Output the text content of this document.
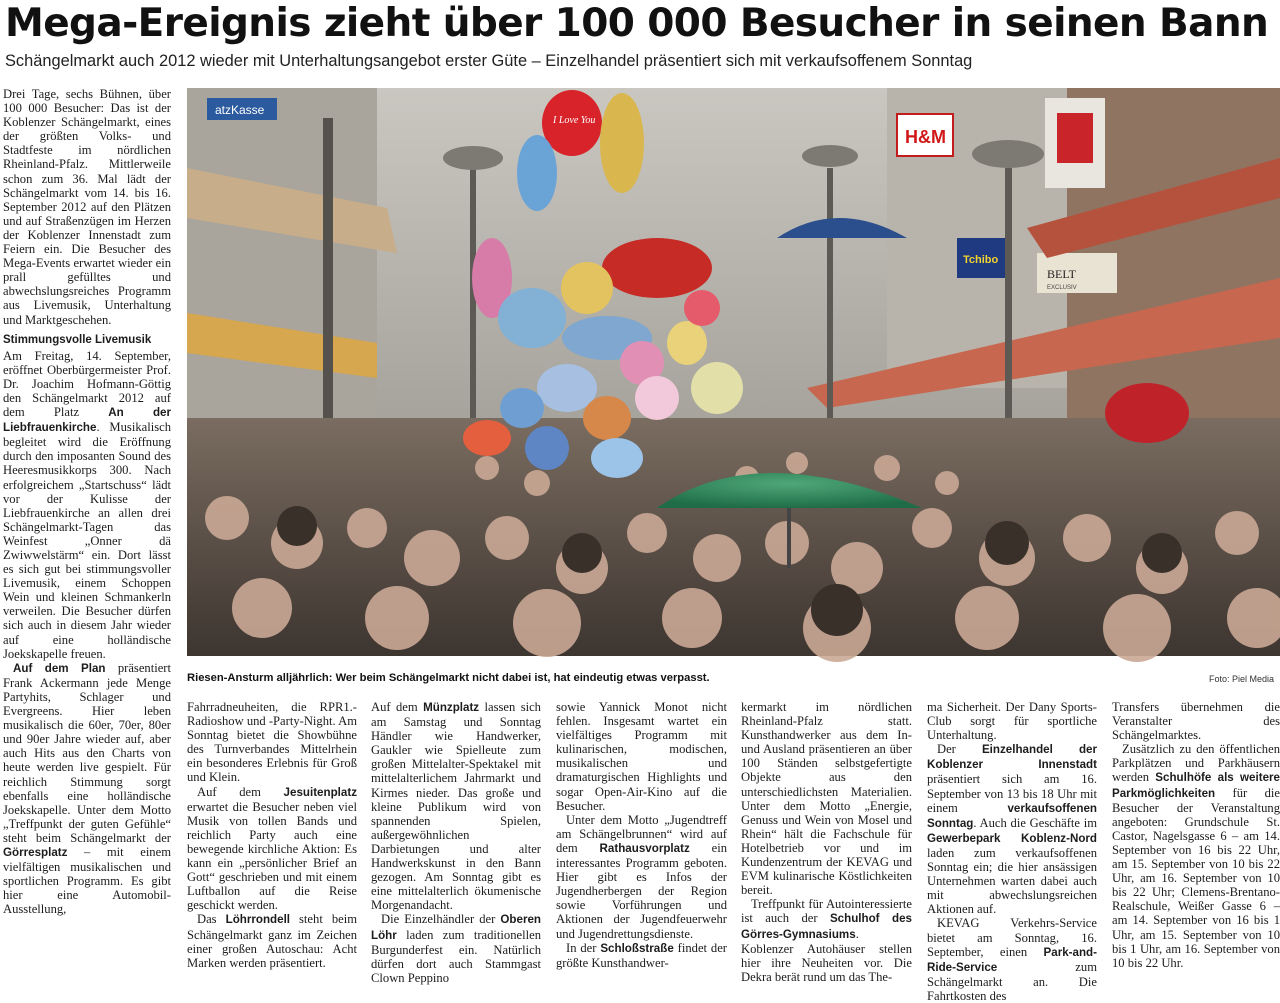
Mega-Ereignis zieht über 100 000 Besucher in seinen Bann
Schängelmarkt auch 2012 wieder mit Unterhaltungsangebot erster Güte – Einzelhandel präsentiert sich mit verkaufsoffenem Sonntag

Drei Tage, sechs Bühnen, über 100 000 Besucher: Das ist der Koblenzer Schängelmarkt, eines der größten Volks- und Stadtfeste im nördlichen Rheinland-Pfalz. Mittlerweile schon zum 36. Mal lädt der Schängelmarkt vom 14. bis 16. September 2012 auf den Plätzen und auf Straßenzügen im Herzen der Koblenzer Innenstadt zum Feiern ein. Die Besucher des Mega-Events erwartet wieder ein prall gefülltes und abwechslungsreiches Programm aus Livemusik, Unterhaltung und Marktgeschehen.

Stimmungsvolle Livemusik

Am Freitag, 14. September, eröffnet Oberbürgermeister Prof. Dr. Joachim Hofmann-Göttig den Schängelmarkt 2012 auf dem Platz An der Liebfrauenkirche. Musikalisch begleitet wird die Eröffnung durch den imposanten Sound des Heeresmusikkorps 300. Nach erfolgreichem „Startschuss“ lädt vor der Kulisse der Liebfrauenkirche an allen drei Schängelmarkt-Tagen das Weinfest „Onner dä Zwiwwelstärm“ ein. Dort lässt es sich gut bei stimmungsvoller Livemusik, einem Schoppen Wein und kleinen Schmankerln verweilen. Die Besucher dürfen sich auch in diesem Jahr wieder auf eine holländische Joekskapelle freuen.

Auf dem Plan präsentiert Frank Ackermann jede Menge Partyhits, Schlager und Evergreens. Hier leben musikalisch die 60er, 70er, 80er und 90er Jahre wieder auf, aber auch Hits aus den Charts von heute werden live gespielt. Für reichlich Stimmung sorgt ebenfalls eine holländische Joekskapelle. Unter dem Motto „Treffpunkt der guten Gefühle“ steht beim Schängelmarkt der Görresplatz – mit einem vielfältigen musikalischen und sportlichen Programm. Es gibt hier eine Automobil-Ausstellung,

atzKasse
H&M
Tchibo
BELT
EXCLUSIV
I Love You
Riesen-Ansturm alljährlich: Wer beim Schängelmarkt nicht dabei ist, hat eindeutig etwas verpasst.	Foto: Piel Media

Fahrradneuheiten, die RPR1.-Radioshow und -Party-Night. Am Sonntag bietet die Showbühne des Turnverbandes Mittelrhein ein besonderes Erlebnis für Groß und Klein.

Auf dem Jesuitenplatz erwartet die Besucher neben viel Musik von tollen Bands und reichlich Party auch eine bewegende kirchliche Aktion: Es kann ein „persönlicher Brief an Gott“ geschrieben und mit einem Luftballon auf die Reise geschickt werden.

Das Löhrrondell steht beim Schängelmarkt ganz im Zeichen einer großen Autoschau: Acht Marken werden präsentiert.

Auf dem Münzplatz lassen sich am Samstag und Sonntag Händler wie Handwerker, Gaukler wie Spielleute zum großen Mittelalter-Spektakel mit mittelalterlichem Jahrmarkt und Kirmes nieder. Das große und kleine Publikum wird von spannenden Spielen, außergewöhnlichen Darbietungen und alter Handwerkskunst in den Bann gezogen. Am Sonntag gibt es eine mittelalterlich ökumenische Morgenandacht.

Die Einzelhändler der Oberen Löhr laden zum traditionellen Burgunderfest ein. Natürlich dürfen dort auch Stammgast Clown Peppino

sowie Yannick Monot nicht fehlen. Insgesamt wartet ein vielfältiges Programm mit kulinarischen, modischen, musikalischen und dramaturgischen Highlights und sogar Open-Air-Kino auf die Besucher.

Unter dem Motto „Jugendtreff am Schängelbrunnen“ wird auf dem Rathausvorplatz ein interessantes Programm geboten. Hier gibt es Infos der Jugendherbergen der Region sowie Vorführungen und Aktionen der Jugendfeuerwehr und Jugendrettungsdienste.

In der Schloßstraße findet der größte Kunsthandwer-

kermarkt im nördlichen Rheinland-Pfalz statt. Kunsthandwerker aus dem In- und Ausland präsentieren an über 100 Ständen selbstgefertigte Objekte aus den unterschiedlichsten Materialien. Unter dem Motto „Energie, Genuss und Wein von Mosel und Rhein“ hält die Fachschule für Hotelbetrieb vor und im Kundenzentrum der KEVAG und EVM kulinarische Köstlichkeiten bereit.

Treffpunkt für Autointeressierte ist auch der Schulhof des Görres-Gymnasiums. Koblenzer Autohäuser stellen hier ihre Neuheiten vor. Die Dekra berät rund um das The-

ma Sicherheit. Der Dany Sports-Club sorgt für sportliche Unterhaltung.

Der Einzelhandel der Koblenzer Innenstadt präsentiert sich am 16. September von 13 bis 18 Uhr mit einem verkaufsoffenen Sonntag. Auch die Geschäfte im Gewerbepark Koblenz-Nord laden zum verkaufsoffenen Sonntag ein; die hier ansässigen Unternehmen warten dabei auch mit abwechslungsreichen Aktionen auf.

KEVAG Verkehrs-Service bietet am Sonntag, 16. September, einen Park-and-Ride-Service zum Schängelmarkt an. Die Fahrtkosten des

Transfers übernehmen die Veranstalter des Schängelmarktes.

Zusätzlich zu den öffentlichen Parkplätzen und Parkhäusern werden Schulhöfe als weitere Parkmöglichkeiten für die Besucher der Veranstaltung angeboten: Grundschule St. Castor, Nagelsgasse 6 – am 14. September von 16 bis 22 Uhr, am 15. September von 10 bis 22 Uhr, am 16. September von 10 bis 22 Uhr; Clemens-Brentano-Realschule, Weißer Gasse 6 – am 14. September von 16 bis 1 Uhr, am 15. September von 10 bis 1 Uhr, am 16. September von 10 bis 22 Uhr.
